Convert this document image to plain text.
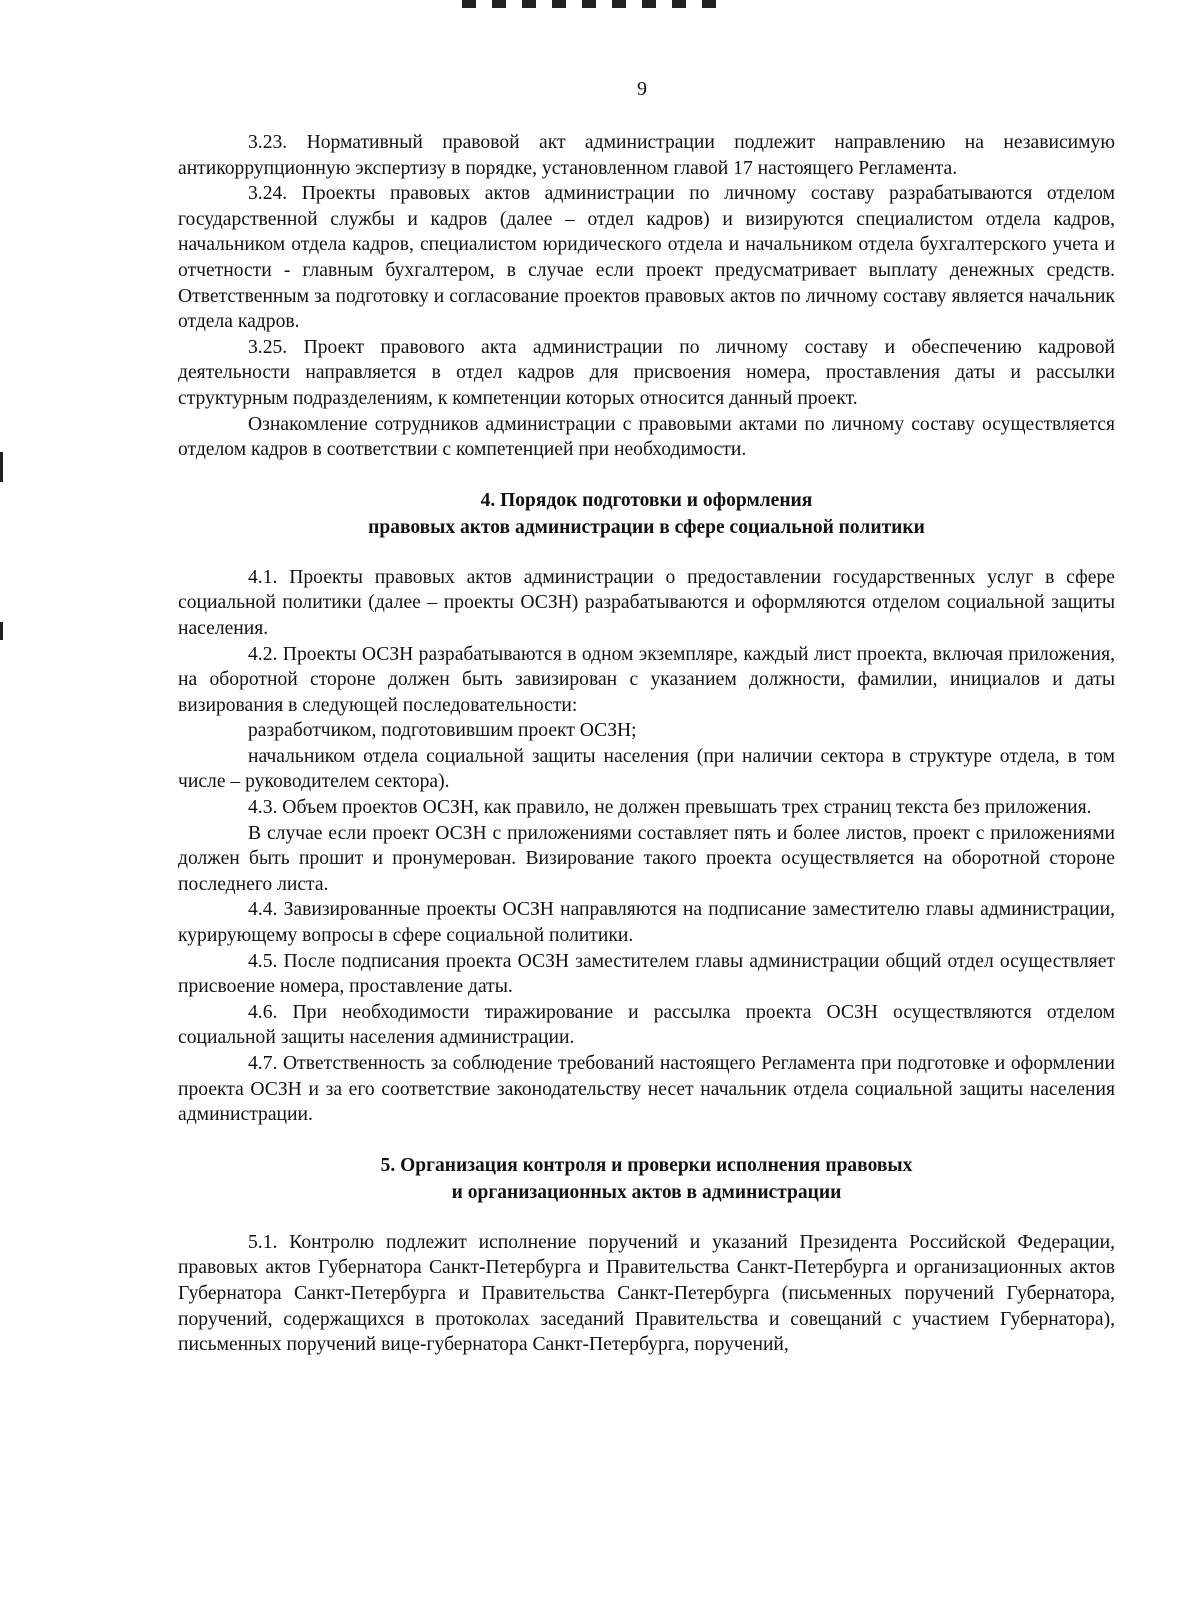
9

3.23. Нормативный правовой акт администрации подлежит направлению на независимую антикоррупционную экспертизу в порядке, установленном главой 17 настоящего Регламента.

3.24. Проекты правовых актов администрации по личному составу разрабатываются отделом государственной службы и кадров (далее – отдел кадров) и визируются специалистом отдела кадров, начальником отдела кадров, специалистом юридического отдела и начальником отдела бухгалтерского учета и отчетности - главным бухгалтером, в случае если проект предусматривает выплату денежных средств. Ответственным за подготовку и согласование проектов правовых актов по личному составу является начальник отдела кадров.

3.25. Проект правового акта администрации по личному составу и обеспечению кадровой деятельности направляется в отдел кадров для присвоения номера, проставления даты и рассылки структурным подразделениям, к компетенции которых относится данный проект.

Ознакомление сотрудников администрации с правовыми актами по личному составу осуществляется отделом кадров в соответствии с компетенцией при необходимости.

4. Порядок подготовки и оформления
правовых актов администрации в сфере социальной политики

4.1. Проекты правовых актов администрации о предоставлении государственных услуг в сфере социальной политики (далее – проекты ОСЗН) разрабатываются и оформляются отделом социальной защиты населения.

4.2. Проекты ОСЗН разрабатываются в одном экземпляре, каждый лист проекта, включая приложения, на оборотной стороне должен быть завизирован с указанием должности, фамилии, инициалов и даты визирования в следующей последовательности:

разработчиком, подготовившим проект ОСЗН;

начальником отдела социальной защиты населения (при наличии сектора в структуре отдела, в том числе – руководителем сектора).

4.3. Объем проектов ОСЗН, как правило, не должен превышать трех страниц текста без приложения.

В случае если проект ОСЗН с приложениями составляет пять и более листов, проект с приложениями должен быть прошит и пронумерован. Визирование такого проекта осуществляется на оборотной стороне последнего листа.

4.4. Завизированные проекты ОСЗН направляются на подписание заместителю главы администрации, курирующему вопросы в сфере социальной политики.

4.5. После подписания проекта ОСЗН заместителем главы администрации общий отдел осуществляет присвоение номера, проставление даты.

4.6. При необходимости тиражирование и рассылка проекта ОСЗН осуществляются отделом социальной защиты населения администрации.

4.7. Ответственность за соблюдение требований настоящего Регламента при подготовке и оформлении проекта ОСЗН и за его соответствие законодательству несет начальник отдела социальной защиты населения администрации.

5. Организация контроля и проверки исполнения правовых
и организационных актов в администрации

5.1. Контролю подлежит исполнение поручений и указаний Президента Российской Федерации, правовых актов Губернатора Санкт-Петербурга и Правительства Санкт-Петербурга и организационных актов Губернатора Санкт-Петербурга и Правительства Санкт-Петербурга (письменных поручений Губернатора, поручений, содержащихся в протоколах заседаний Правительства и совещаний с участием Губернатора), письменных поручений вице-губернатора Санкт-Петербурга, поручений,
